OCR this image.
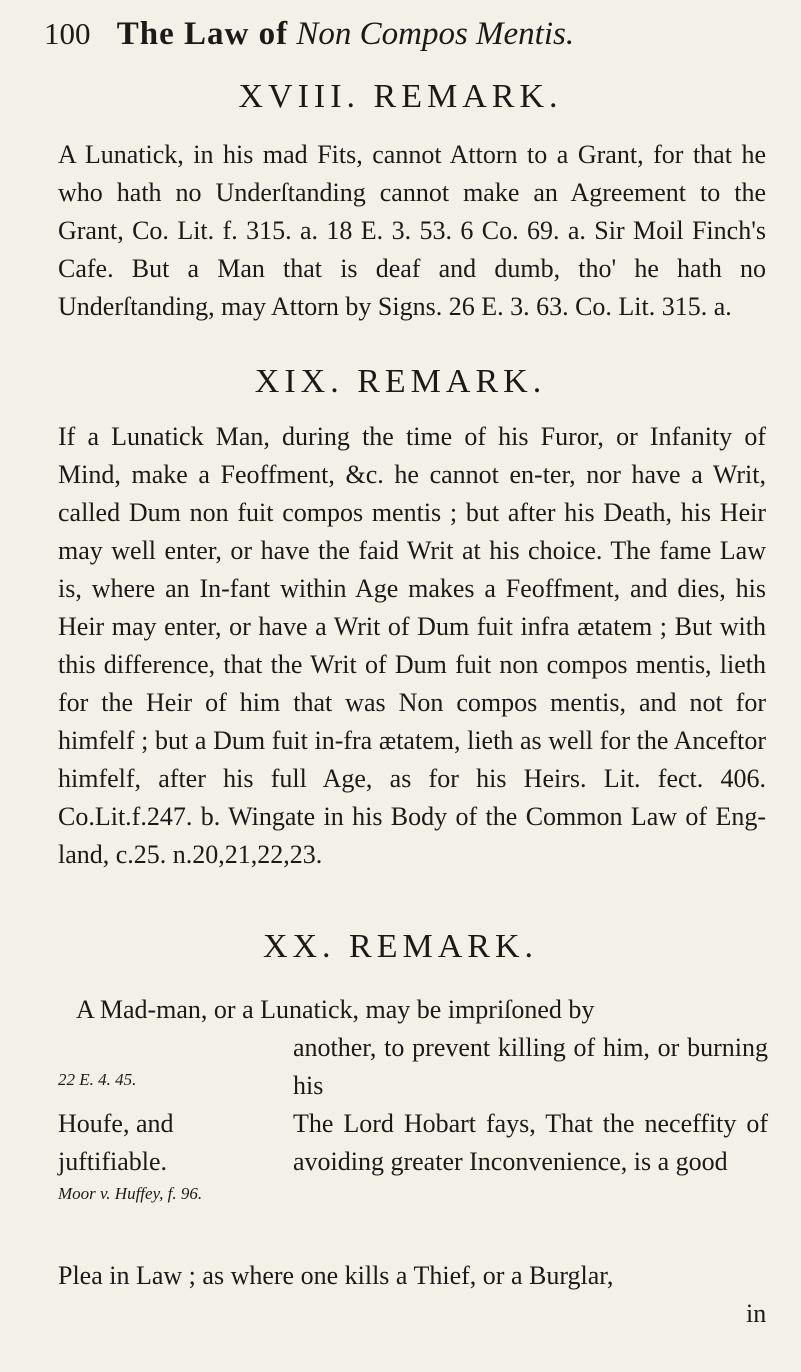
100 The Law of Non Compos Mentis.
XVIII. REMARK.

A Lunatick, in his mad Fits, cannot Attorn to a Grant, for that he who hath no Underſtanding cannot make an Agreement to the Grant, Co. Lit. f. 315. a. 18 E. 3. 53. 6 Co. 69. a. Sir Moil Finch's Cafe. But a Man that is deaf and dumb, tho' he hath no Underſtanding, may Attorn by Signs. 26 E. 3. 63. Co. Lit. 315. a.

XIX. REMARK.

If a Lunatick Man, during the time of his Furor, or Infanity of Mind, make a Feoffment, &c. he cannot en-ter, nor have a Writ, called Dum non fuit compos mentis ; but after his Death, his Heir may well enter, or have the faid Writ at his choice. The fame Law is, where an In-fant within Age makes a Feoffment, and dies, his Heir may enter, or have a Writ of Dum fuit infra ætatem ; But with this difference, that the Writ of Dum fuit non compos mentis, lieth for the Heir of him that was Non compos mentis, and not for himfelf ; but a Dum fuit in-fra ætatem, lieth as well for the Anceftor himfelf, after his full Age, as for his Heirs. Lit. fect. 406. Co.Lit.f.247. b. Wingate in his Body of the Common Law of Eng-land, c.25. n.20,21,22,23.

XX. REMARK.
A Mad-man, or a Lunatick, may be impriſoned by
another, to prevent killing of him, or burning his
22 E. 4. 45.
Houfe, and juftifiable.
The Lord Hobart fays, That the neceffity of avoiding greater Inconvenience, is a good
Moor v. Huffey, f. 96.
Plea in Law ; as where one kills a Thief, or a Burglar,
in
